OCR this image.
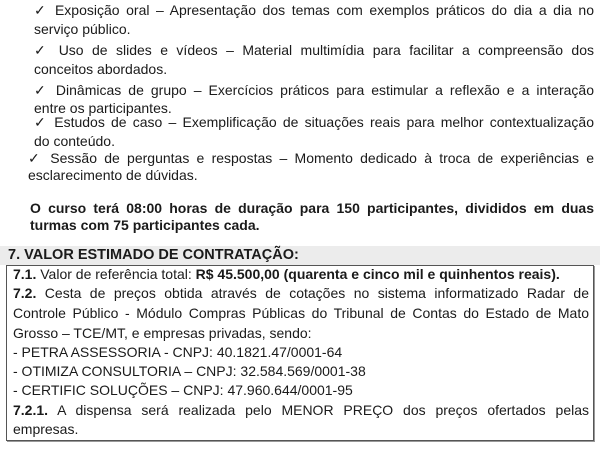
✓ Exposição oral – Apresentação dos temas com exemplos práticos do dia a dia no
serviço público.
✓ Uso de slides e vídeos – Material multimídia para facilitar a compreensão dos
conceitos abordados.
✓ Dinâmicas de grupo – Exercícios práticos para estimular a reflexão e a interação
entre os participantes.
✓ Estudos de caso – Exemplificação de situações reais para melhor contextualização
do conteúdo.
✓ Sessão de perguntas e respostas – Momento dedicado à troca de experiências e
esclarecimento de dúvidas.
O curso terá 08:00 horas de duração para 150 participantes, divididos em duas
turmas com 75 participantes cada.
7. VALOR ESTIMADO DE CONTRATAÇÃO:
7.1. Valor de referência total: R$ 45.500,00 (quarenta e cinco mil e quinhentos reais).
7.2. Cesta de preços obtida através de cotações no sistema informatizado Radar de
Controle Público - Módulo Compras Públicas do Tribunal de Contas do Estado de Mato
Grosso – TCE/MT, e empresas privadas, sendo:
- PETRA ASSESSORIA - CNPJ: 40.1821.47/0001-64
- OTIMIZA CONSULTORIA – CNPJ: 32.584.569/0001-38
- CERTIFIC SOLUÇÕES – CNPJ: 47.960.644/0001-95
7.2.1. A dispensa será realizada pelo MENOR PREÇO dos preços ofertados pelas
empresas.
